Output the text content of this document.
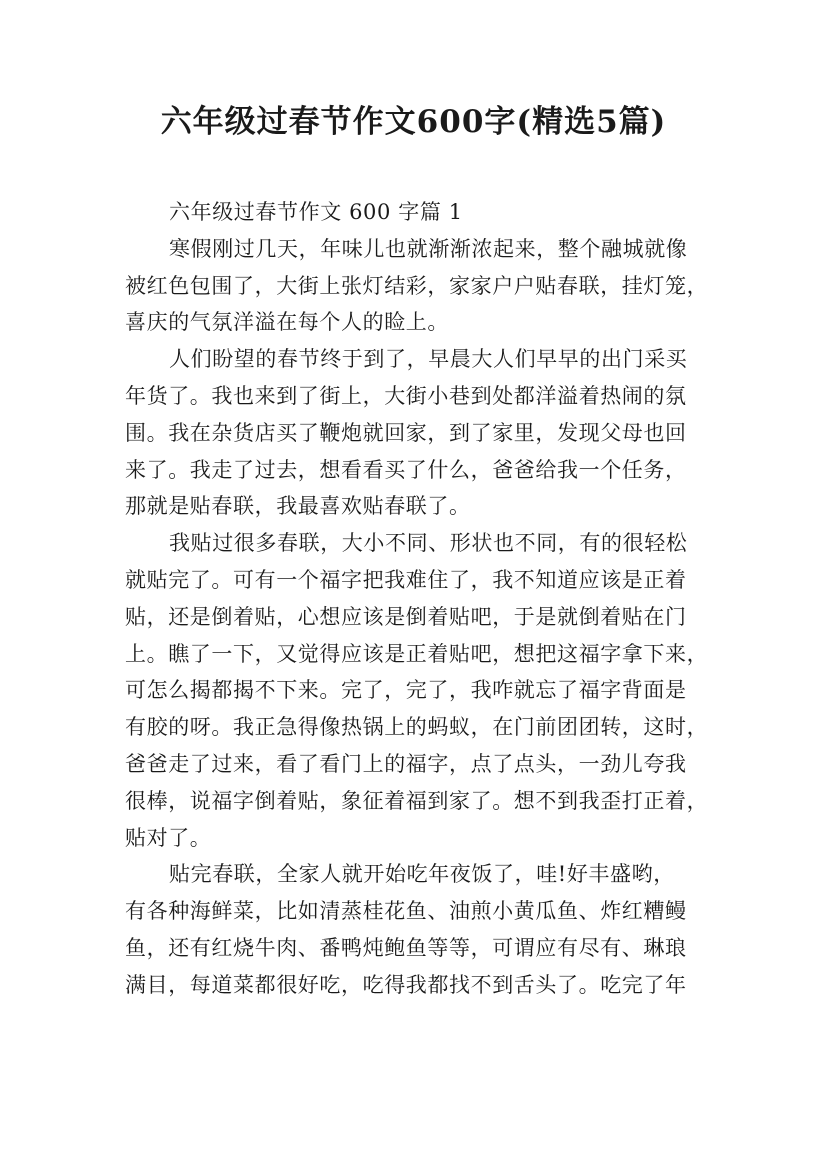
六年级过春节作文600字(精选5篇)
六年级过春节作文 600 字篇 1
寒假刚过几天，年味儿也就渐渐浓起来，整个融城就像
被红色包围了，大街上张灯结彩，家家户户贴春联，挂灯笼，
喜庆的气氛洋溢在每个人的睑上。
人们盼望的春节终于到了，早晨大人们早早的出门采买
年货了。我也来到了街上，大街小巷到处都洋溢着热闹的氛
围。我在杂货店买了鞭炮就回家，到了家里，发现父母也回
来了。我走了过去，想看看买了什么，爸爸给我一个任务，
那就是贴春联，我最喜欢贴春联了。
我贴过很多春联，大小不同、形状也不同，有的很轻松
就贴完了。可有一个福字把我难住了，我不知道应该是正着
贴，还是倒着贴，心想应该是倒着贴吧，于是就倒着贴在门
上。瞧了一下，又觉得应该是正着贴吧，想把这福字拿下来，
可怎么揭都揭不下来。完了，完了，我咋就忘了福字背面是
有胶的呀。我正急得像热锅上的蚂蚁，在门前团团转，这时，
爸爸走了过来，看了看门上的福字，点了点头，一劲儿夸我
很棒，说福字倒着贴，象征着福到家了。想不到我歪打正着，
贴对了。
贴完春联，全家人就开始吃年夜饭了，哇!好丰盛哟，
有各种海鲜菜，比如清蒸桂花鱼、油煎小黄瓜鱼、炸红糟鳗
鱼，还有红烧牛肉、番鸭炖鲍鱼等等，可谓应有尽有、琳琅
满目，每道菜都很好吃，吃得我都找不到舌头了。吃完了年
